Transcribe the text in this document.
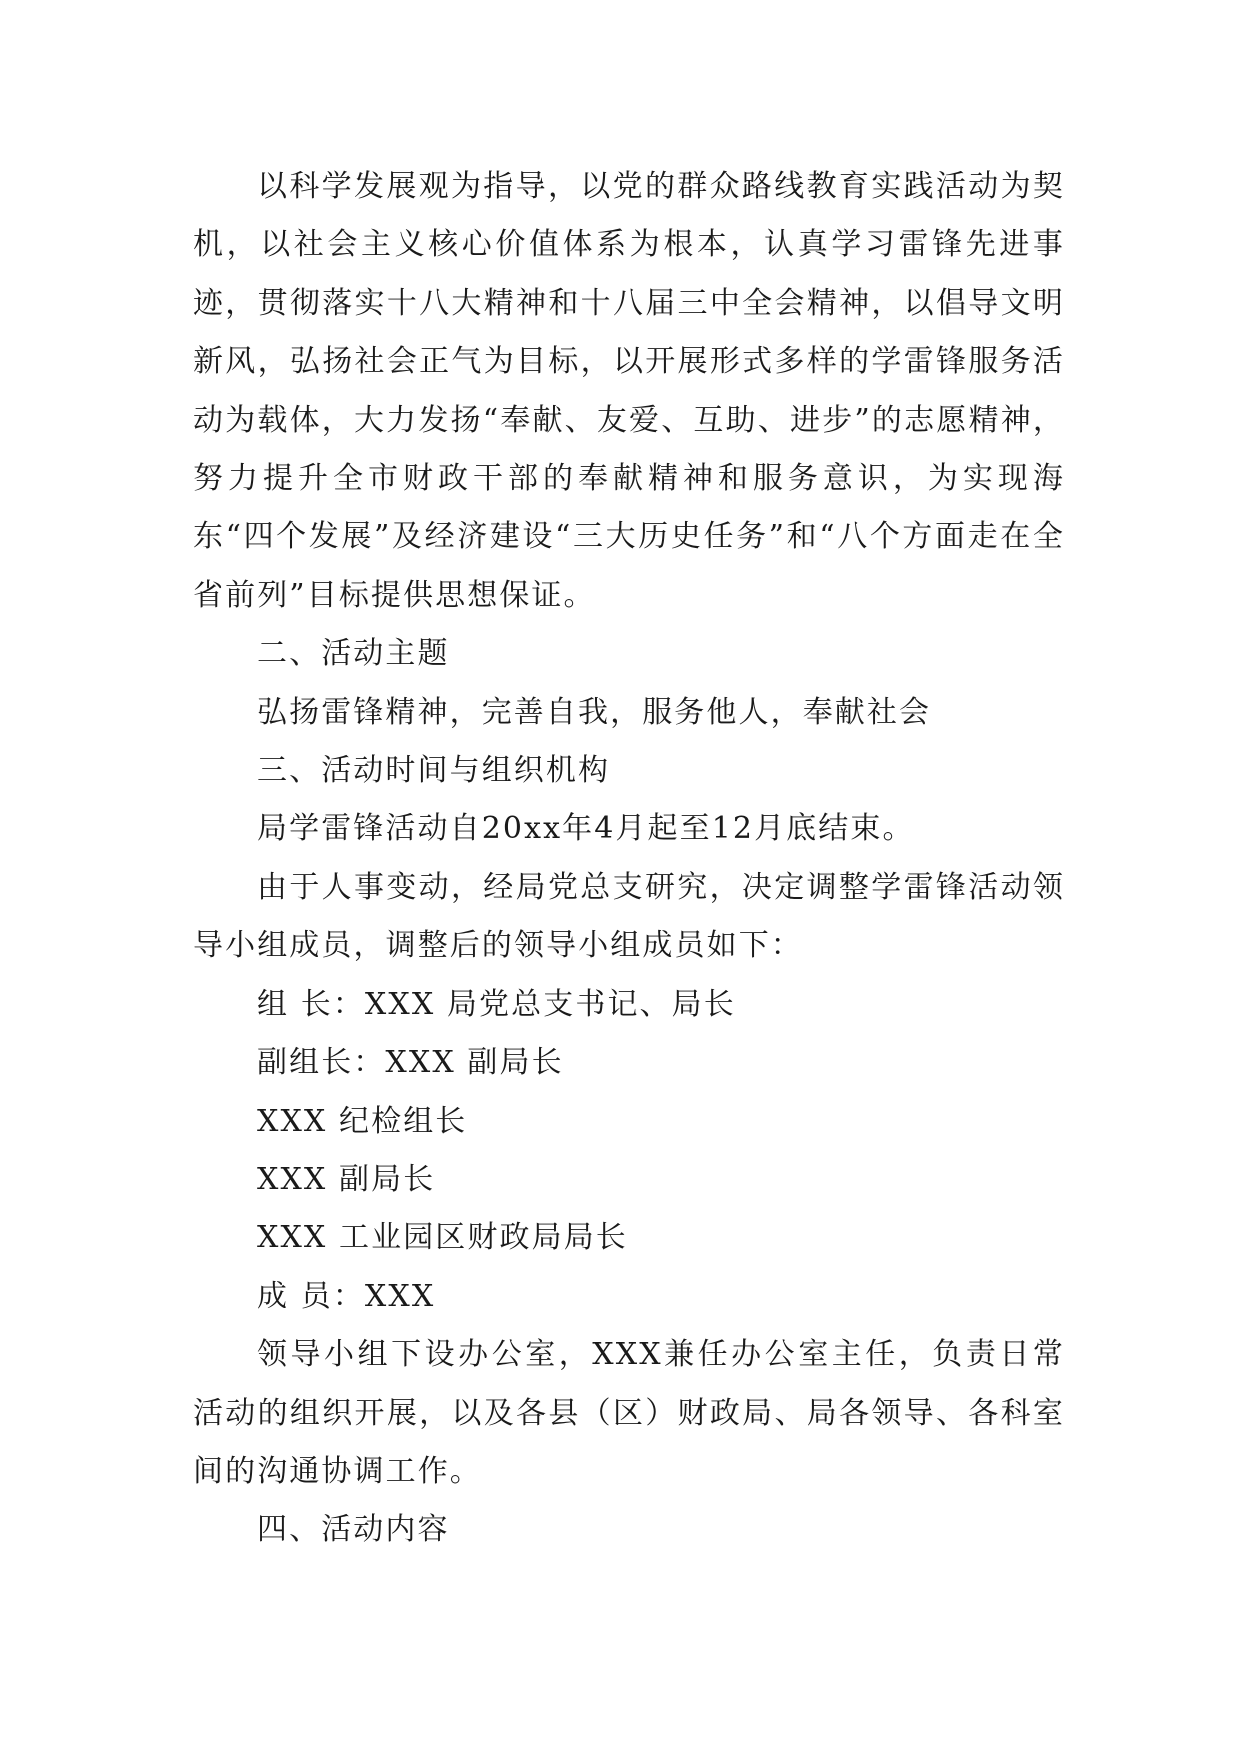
以科学发展观为指导，以党的群众路线教育实践活动为契机，以社会主义核心价值体系为根本，认真学习雷锋先进事迹，贯彻落实十八大精神和十八届三中全会精神，以倡导文明新风，弘扬社会正气为目标，以开展形式多样的学雷锋服务活动为载体，大力发扬“奉献、友爱、互助、进步”的志愿精神，努力提升全市财政干部的奉献精神和服务意识，为实现海东“四个发展”及经济建设“三大历史任务”和“八个方面走在全省前列”目标提供思想保证。

二、活动主题

弘扬雷锋精神，完善自我，服务他人，奉献社会

三、活动时间与组织机构

局学雷锋活动自20xx年4月起至12月底结束。

由于人事变动，经局党总支研究，决定调整学雷锋活动领导小组成员，调整后的领导小组成员如下：

组 长：XXX 局党总支书记、局长

副组长：XXX 副局长

XXX 纪检组长

XXX 副局长

XXX 工业园区财政局局长

成 员：XXX

领导小组下设办公室，XXX兼任办公室主任，负责日常活动的组织开展，以及各县（区）财政局、局各领导、各科室间的沟通协调工作。

四、活动内容
